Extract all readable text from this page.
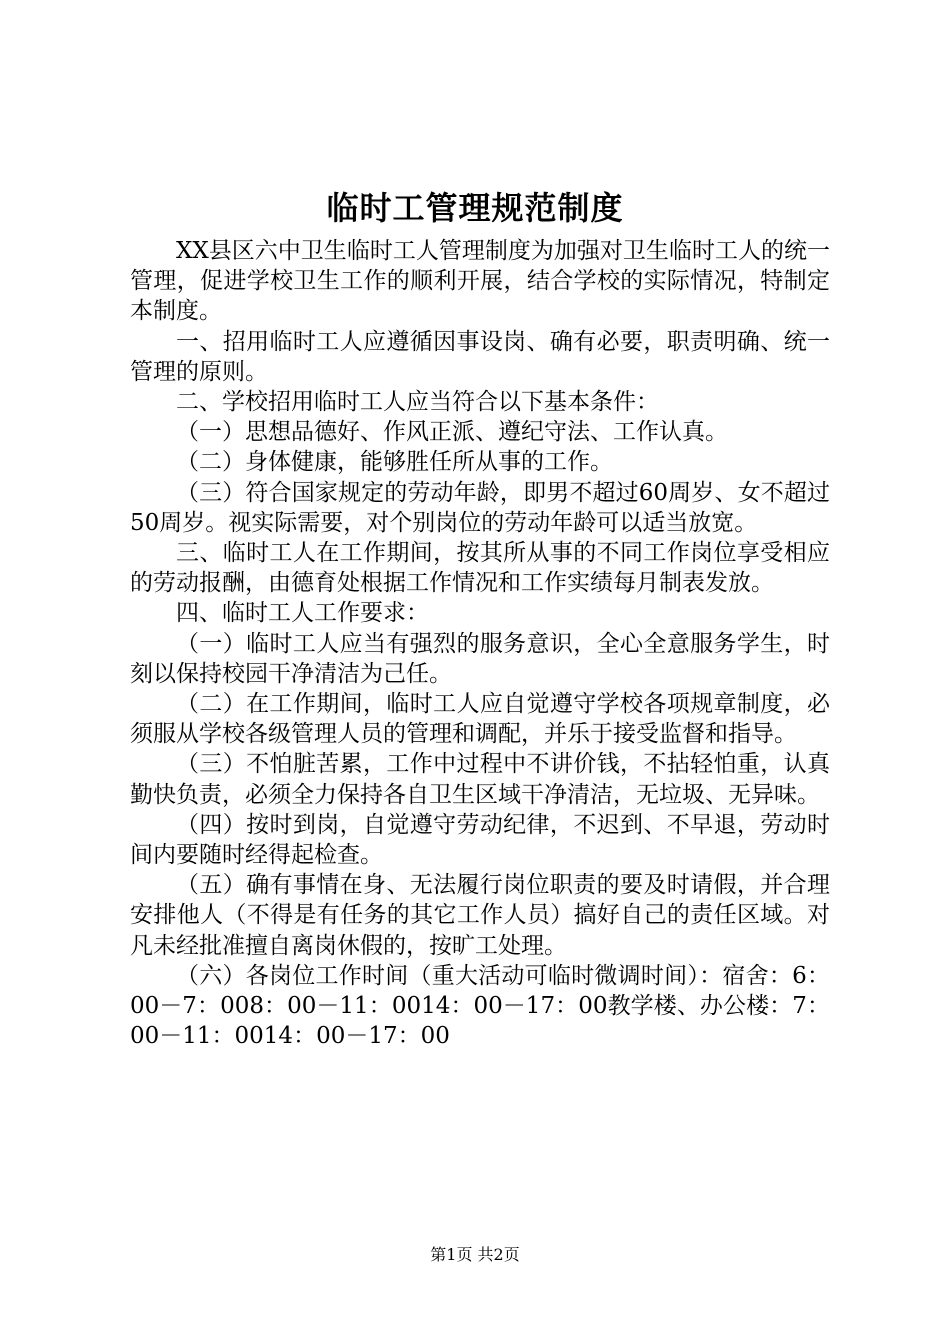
临时工管理规范制度

XX县区六中卫生临时工人管理制度为加强对卫生临时工人的统一管理，促进学校卫生工作的顺利开展，结合学校的实际情况，特制定本制度。

一、招用临时工人应遵循因事设岗、确有必要，职责明确、统一管理的原则。

二、学校招用临时工人应当符合以下基本条件：

（一）思想品德好、作风正派、遵纪守法、工作认真。

（二）身体健康，能够胜任所从事的工作。

（三）符合国家规定的劳动年龄，即男不超过60周岁、女不超过50周岁。视实际需要，对个别岗位的劳动年龄可以适当放宽。

三、临时工人在工作期间，按其所从事的不同工作岗位享受相应的劳动报酬，由德育处根据工作情况和工作实绩每月制表发放。

四、临时工人工作要求：

（一）临时工人应当有强烈的服务意识，全心全意服务学生，时刻以保持校园干净清洁为己任。

（二）在工作期间，临时工人应自觉遵守学校各项规章制度，必须服从学校各级管理人员的管理和调配，并乐于接受监督和指导。

（三）不怕脏苦累，工作中过程中不讲价钱，不拈轻怕重，认真勤快负责，必须全力保持各自卫生区域干净清洁，无垃圾、无异味。

（四）按时到岗，自觉遵守劳动纪律，不迟到、不早退，劳动时间内要随时经得起检查。

（五）确有事情在身、无法履行岗位职责的要及时请假，并合理安排他人（不得是有任务的其它工作人员）搞好自己的责任区域。对凡未经批准擅自离岗休假的，按旷工处理。

（六）各岗位工作时间（重大活动可临时微调时间）：宿舍：6：00－7：008：00－11：0014：00－17：00教学楼、办公楼：7：00－11：0014：00－17：00

第1页 共2页
